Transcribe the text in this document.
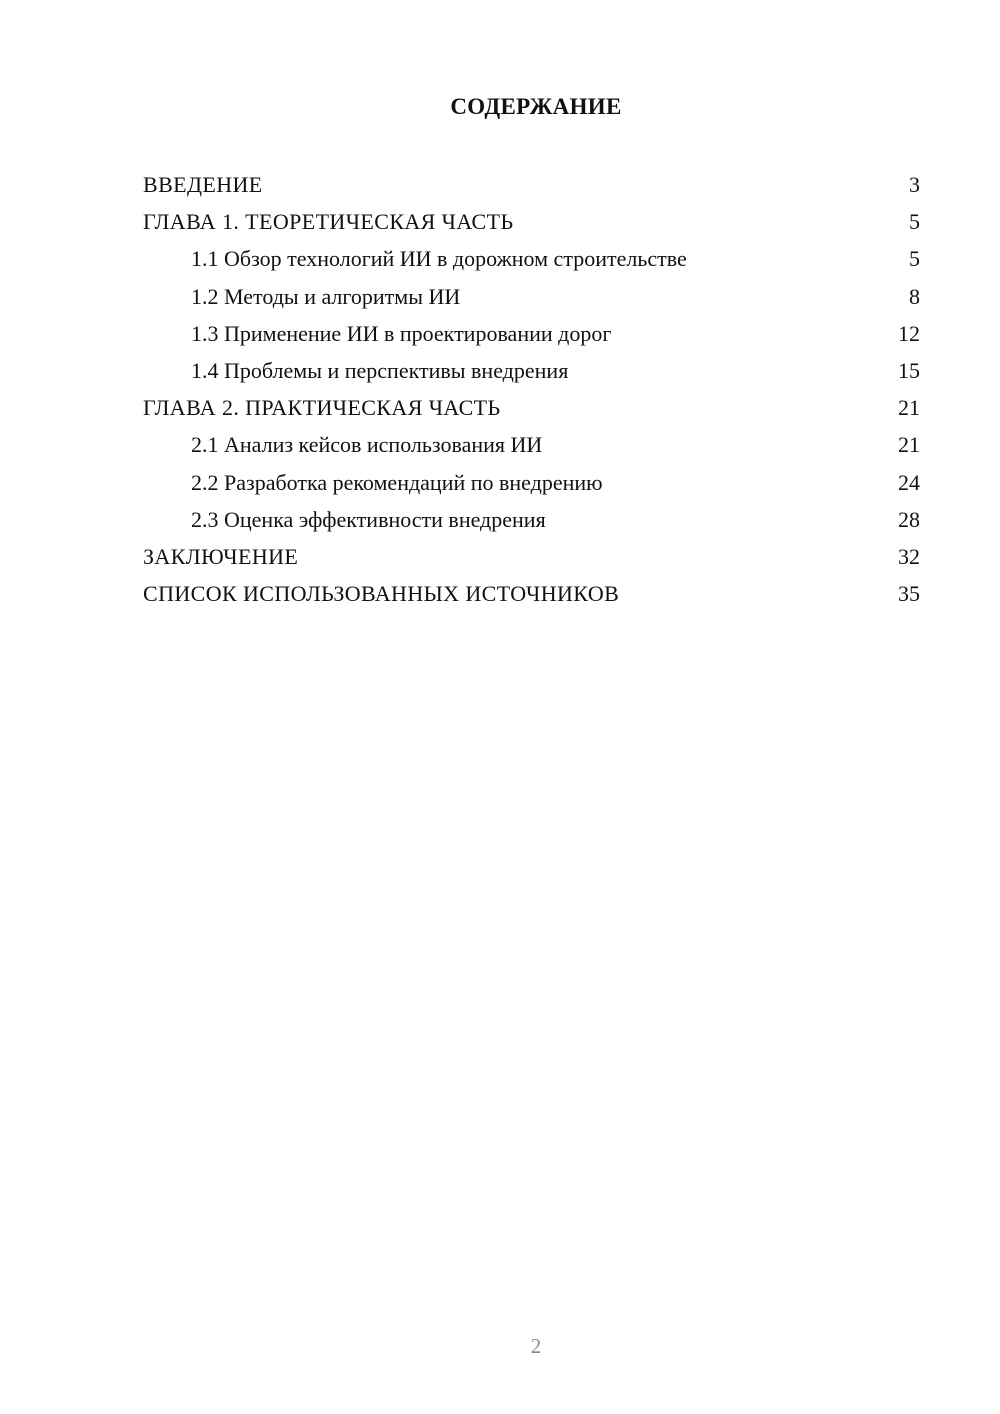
СОДЕРЖАНИЕ
ВВЕДЕНИЕ	3
ГЛАВА 1. ТЕОРЕТИЧЕСКАЯ ЧАСТЬ	5
1.1 Обзор технологий ИИ в дорожном строительстве	5
1.2 Методы и алгоритмы ИИ	8
1.3 Применение ИИ в проектировании дорог	12
1.4 Проблемы и перспективы внедрения	15
ГЛАВА 2. ПРАКТИЧЕСКАЯ ЧАСТЬ	21
2.1 Анализ кейсов использования ИИ	21
2.2 Разработка рекомендаций по внедрению	24
2.3 Оценка эффективности внедрения	28
ЗАКЛЮЧЕНИЕ	32
СПИСОК ИСПОЛЬЗОВАННЫХ ИСТОЧНИКОВ	35
2
